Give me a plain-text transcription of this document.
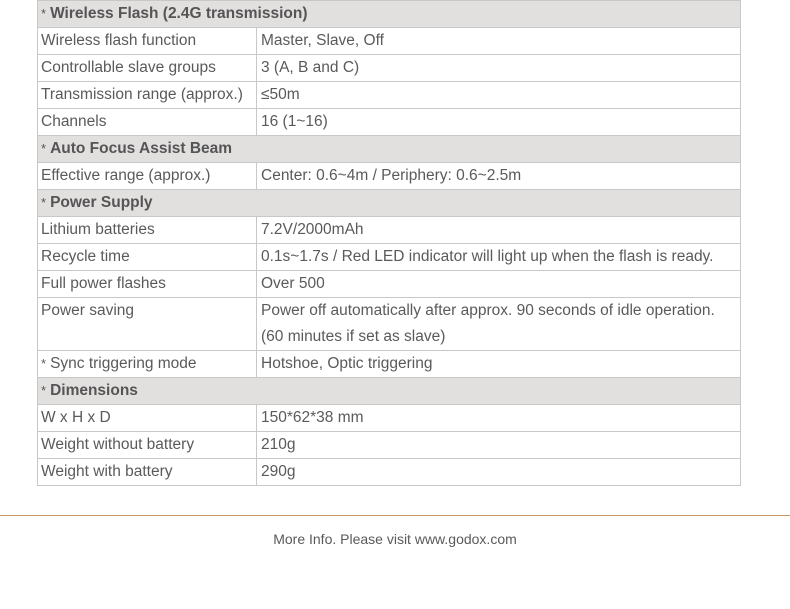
* Wireless Flash (2.4G transmission)	
Wireless flash function	Master, Slave, Off

Controllable slave groups	3 (A, B and C)

Transmission range (approx.)	≤50m

Channels	16 (1~16)

* Auto Focus Assist Beam	
Effective range (approx.)	Center: 0.6~4m / Periphery: 0.6~2.5m

* Power Supply	
Lithium batteries	7.2V/2000mAh

Recycle time	0.1s~1.7s / Red LED indicator will light up when the flash is ready.

Full power flashes	Over 500

Power saving	Power off automatically after approx. 90 seconds of idle operation.
(60 minutes if set as slave)

* Sync triggering mode	Hotshoe, Optic triggering

* Dimensions	
W x H x D	150*62*38 mm

Weight without battery	210g

Weight with battery	290g
More Info. Please visit www.godox.com
